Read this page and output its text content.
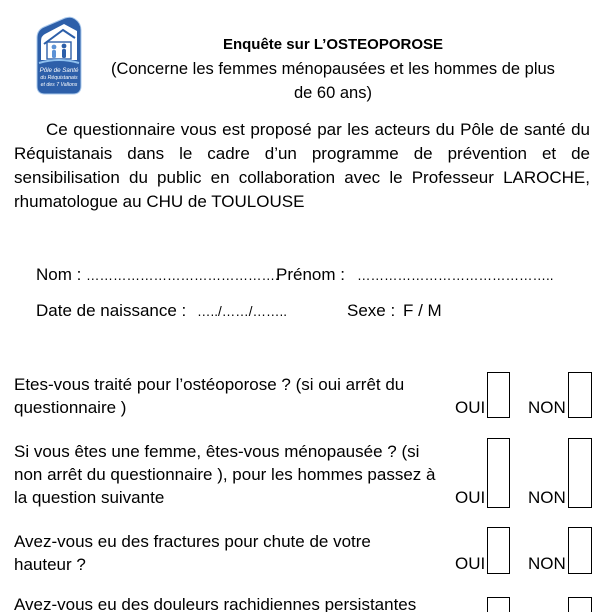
Pôle de Santé
du Réquistanais
et des 7 Vallons
Enquête sur L’OSTEOPOROSE
(Concerne les femmes ménopausées et les hommes de plus
de 60 ans)
Ce questionnaire vous est proposé par les acteurs du Pôle de santé du
Réquistanais dans le cadre d’un programme de prévention et de
sensibilisation du public en collaboration avec le Professeur LAROCHE,
rhumatologue au CHU de TOULOUSE
Nom : …………………………………….
Prénom : ……………………………………..
Date de naissance : …../……/……..	Sexe : F / M
Etes-vous traité pour l’ostéoporose ? (si oui arrêt du
questionnaire )	OUI	NON
Si vous êtes une femme, êtes-vous ménopausée ? (si
non arrêt du questionnaire ), pour les hommes passez à
la question suivante	OUI	NON
Avez-vous eu des fractures pour chute de votre
hauteur ?	OUI	NON
Avez-vous eu des douleurs rachidiennes persistantes
